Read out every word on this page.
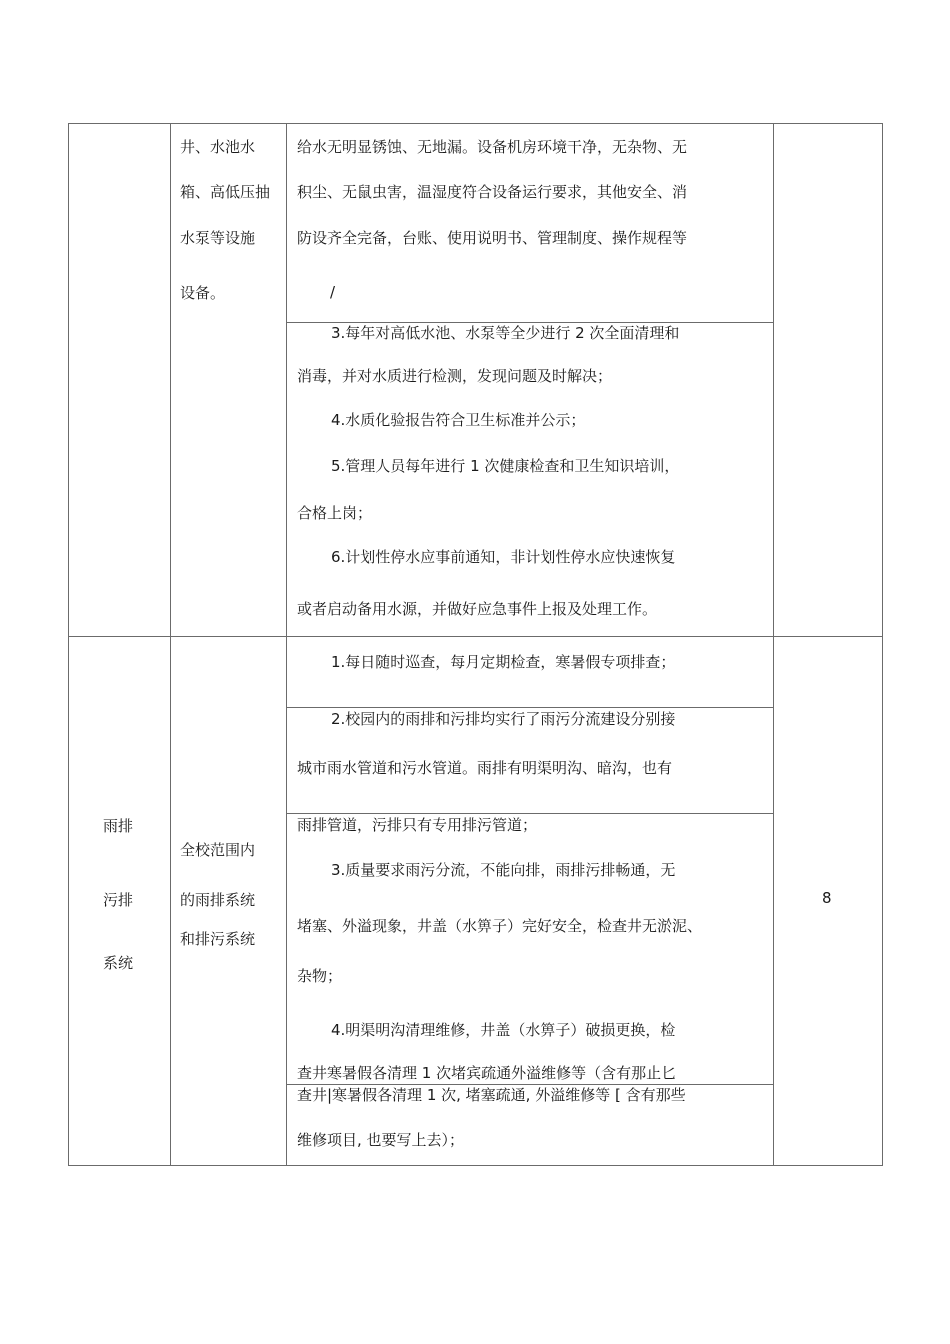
井、水池水
箱、高低压抽
水泵等设施
设备。
给水无明显锈蚀、无地漏。设备机房环境干净，无杂物、无
积尘、无鼠虫害，温湿度符合设备运行要求，其他安全、消
防设齐全完备，台账、使用说明书、管理制度、操作规程等
/
3.每年对高低水池、水泵等全少进行 2 次全面清理和
消毒，并对水质进行检测，发现问题及时解决；
4.水质化验报告符合卫生标准并公示；
5.管理人员每年进行 1 次健康检查和卫生知识培训，
合格上岗；
6.计划性停水应事前通知，非计划性停水应快速恢复
或者启动备用水源，并做好应急事件上报及处理工作。
雨排
污排
系统
全校范围内
的雨排系统
和排污系统
8
1.每日随时巡查，每月定期检查，寒暑假专项排查；
2.校园内的雨排和污排均实行了雨污分流建设分别接
城市雨水管道和污水管道。雨排有明渠明沟、暗沟，也有
雨排管道，污排只有专用排污管道；
3.质量要求雨污分流，不能向排，雨排污排畅通，无
堵塞、外溢现象，井盖（水箅子）完好安全，检查井无淤泥、
杂物；
4.明渠明沟清理维修，井盖（水箅子）破损更换，检
查井寒暑假各清理 1 次堵宾疏通外溢维修等（含有那止匕
查井|寒暑假各清理 1 次, 堵塞疏通, 外溢维修等 [ 含有那些
维修项目, 也要写上去）；
